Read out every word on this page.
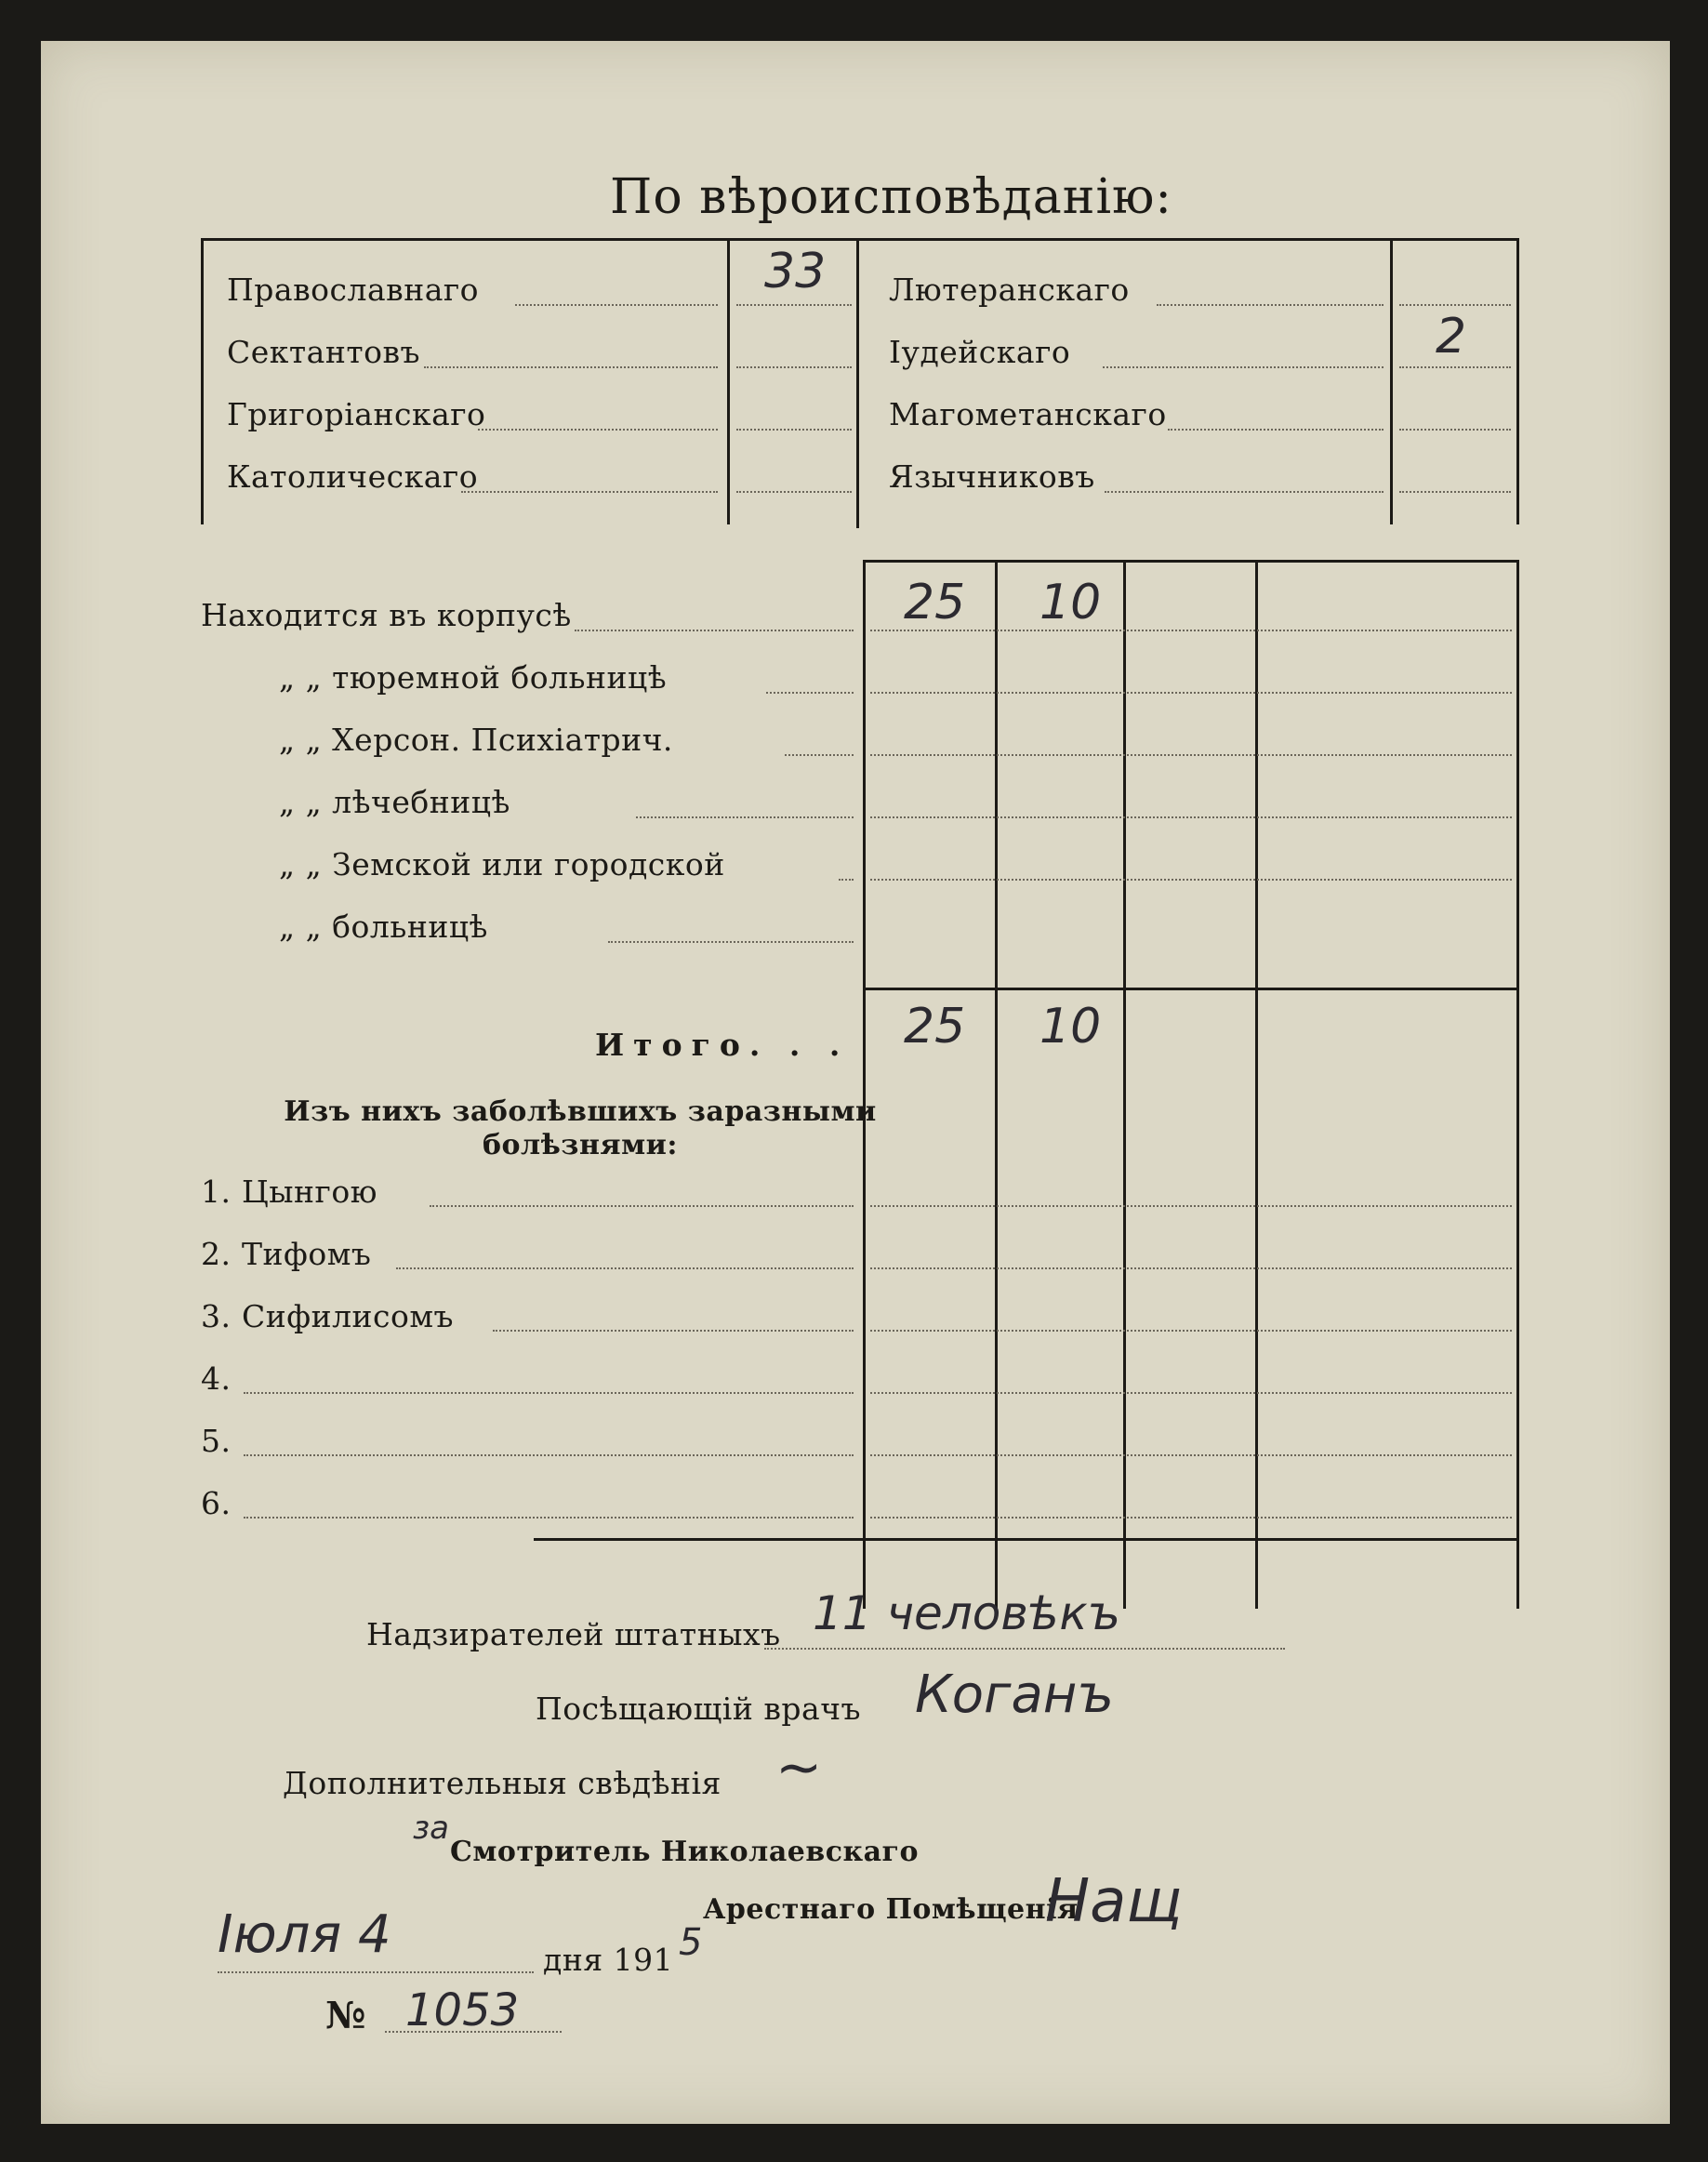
По вѣроисповѣданію:
Православнаго
Сектантовъ
Григоріанскаго
Католическаго
33 Лютеранскаго
Іудейскаго
Магометанскаго
Язычниковъ
2
Находится въ корпусѣ
„ „ тюремной больницѣ
„ „ Херсон. Психіатрич.
„ „ лѣчебницѣ
„ „ Земской или городской
„ „ больницѣ
25 10
Итого. . . 25 10
Изъ нихъ заболѣвшихъ заразными болѣзнями:
1. Цынгою
2. Тифомъ
3. Сифилисомъ
4.
5.
6.
Надзирателей штатныхъ 11 человѣкъ
Посѣщающій врачъ Коганъ
Дополнительныя свѣдѣнія ~
за
Смотритель Николаевскаго
Арестнаго Помѣщенія
Нащ
Іюля 4	дня 191 5
№ 1053
